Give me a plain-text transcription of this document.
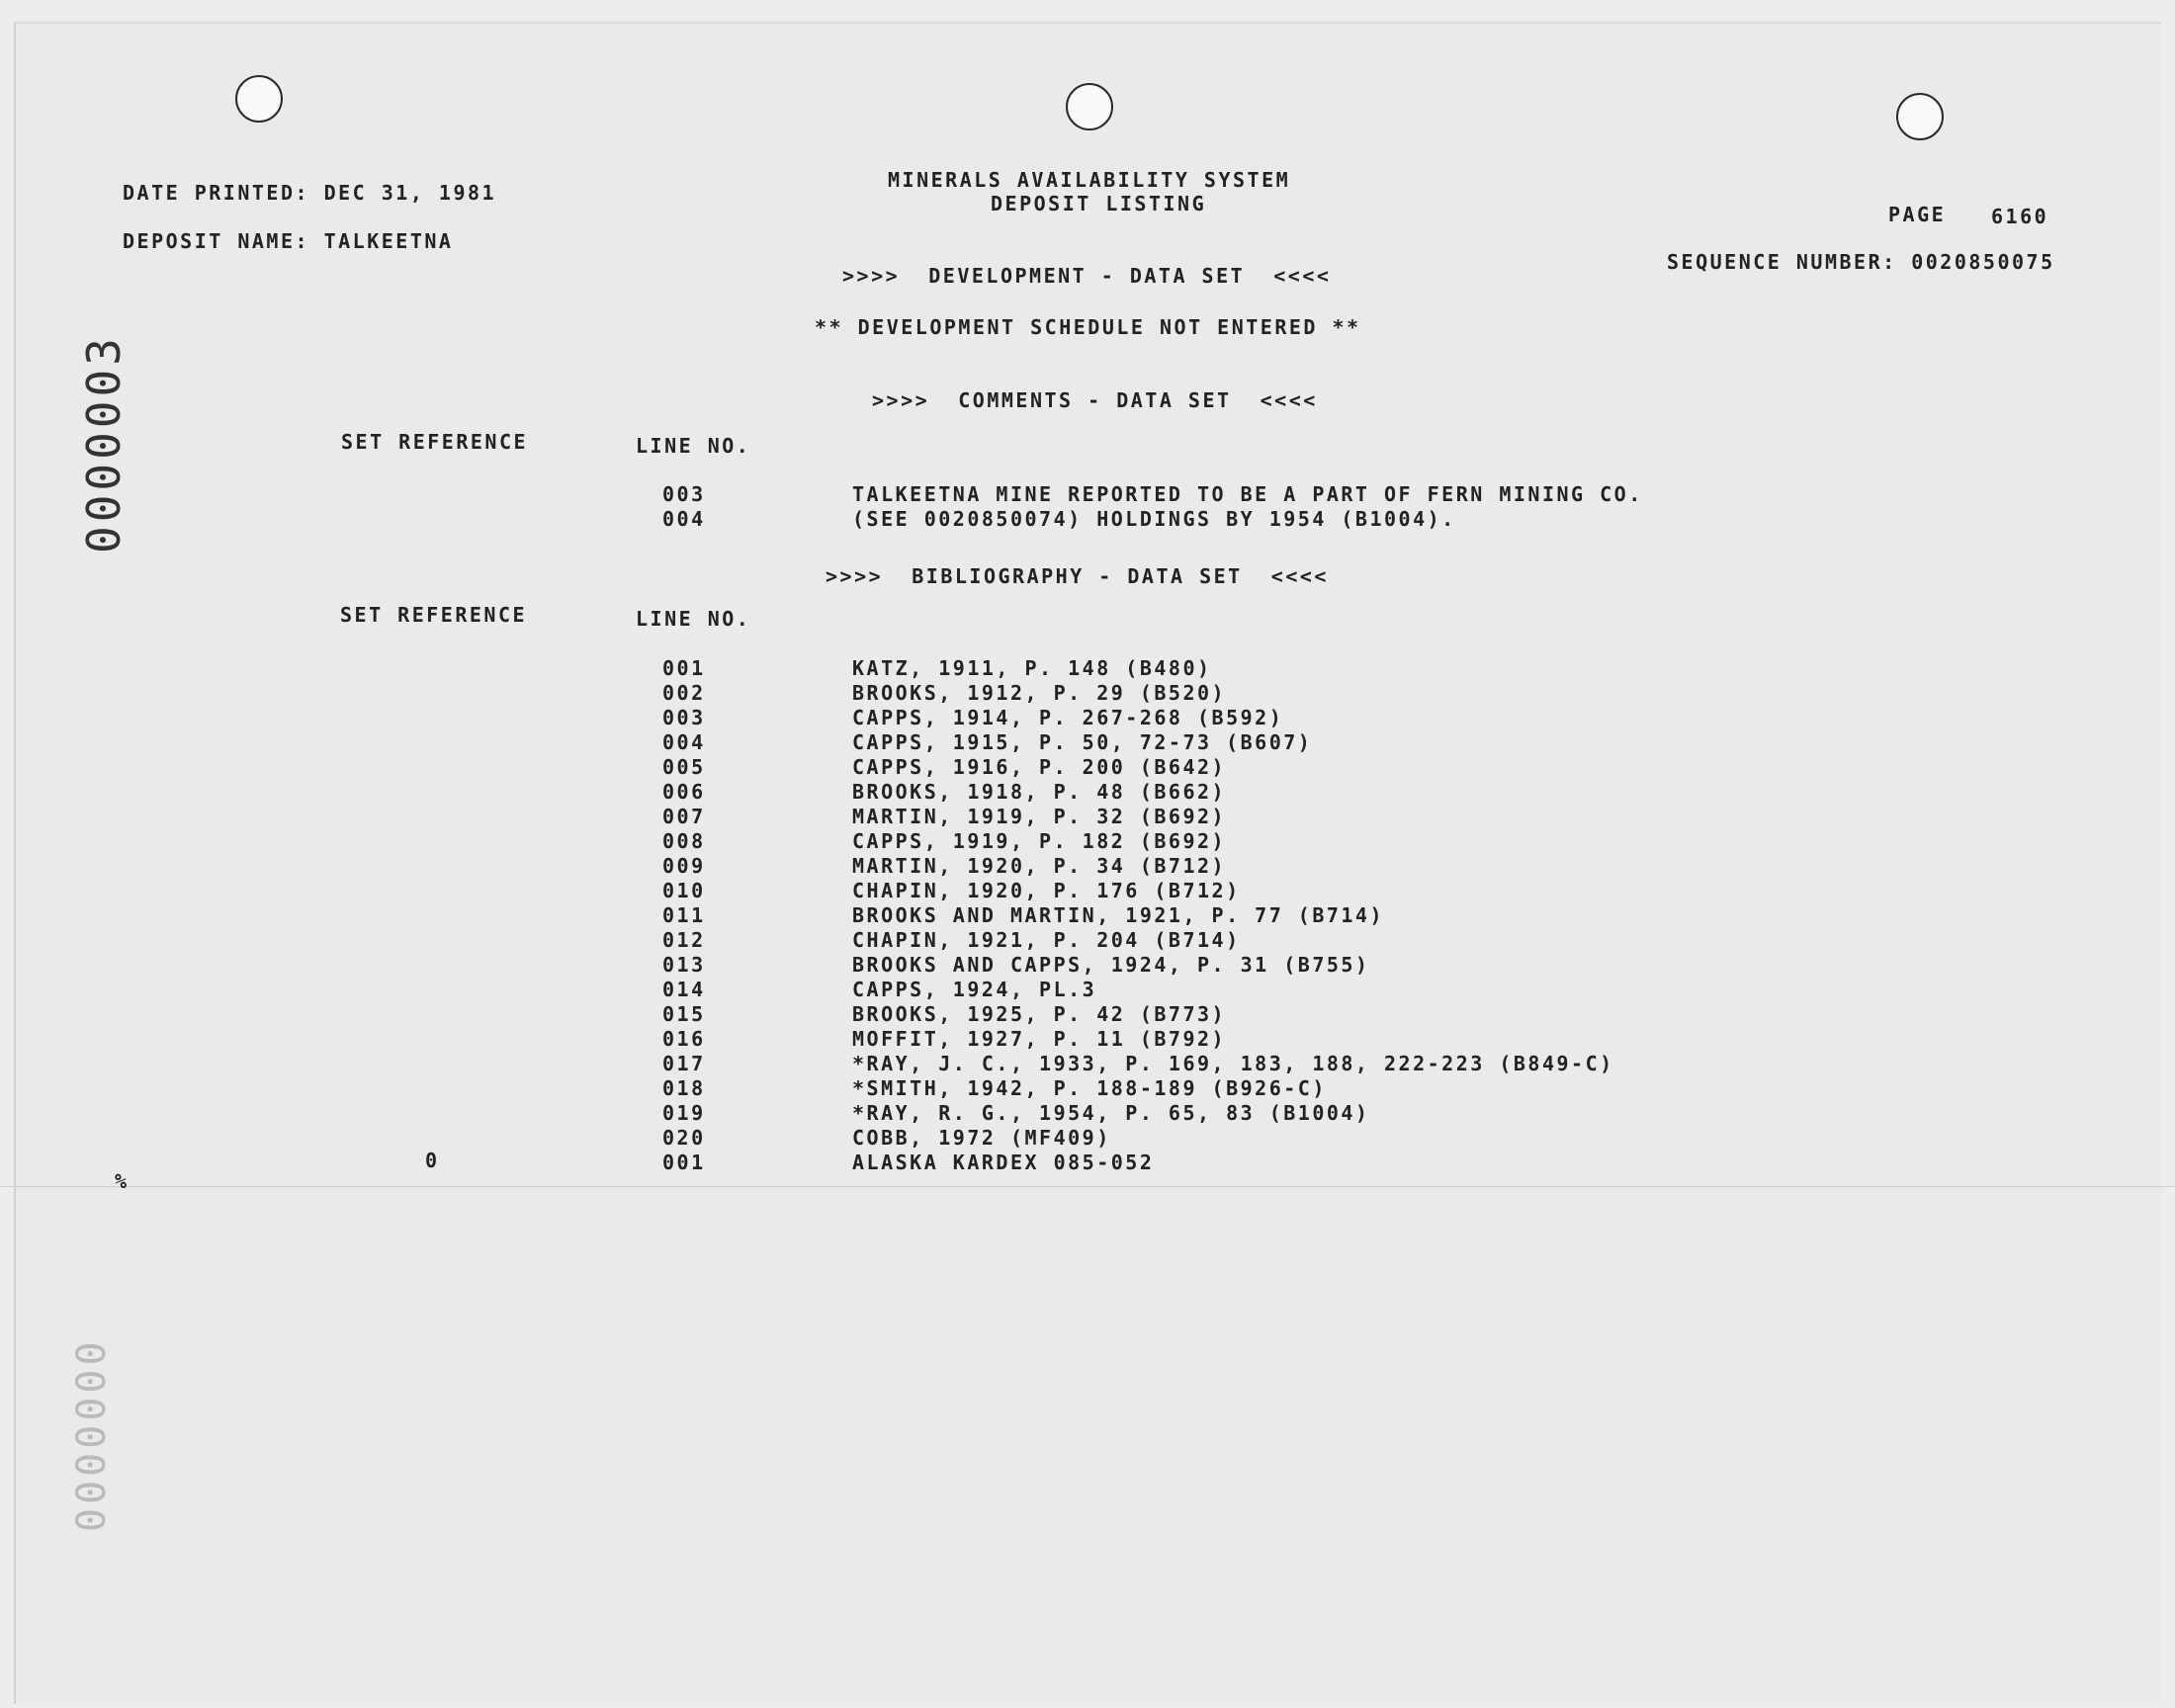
0000003
0000000
DATE PRINTED: DEC 31, 1981
DEPOSIT NAME: TALKEETNA
MINERALS AVAILABILITY SYSTEM
DEPOSIT LISTING	PAGE 6160
SEQUENCE NUMBER: 0020850075
>>>>  DEVELOPMENT - DATA SET  <<<<
** DEVELOPMENT SCHEDULE NOT ENTERED **
>>>>  COMMENTS - DATA SET  <<<<
SET REFERENCE	LINE NO.
003	TALKEETNA MINE REPORTED TO BE A PART OF FERN MINING CO.
004	(SEE 0020850074) HOLDINGS BY 1954 (B1004).
>>>>  BIBLIOGRAPHY - DATA SET  <<<<
SET REFERENCE	LINE NO.
001	KATZ, 1911, P. 148 (B480)
002	BROOKS, 1912, P. 29 (B520)
003	CAPPS, 1914, P. 267-268 (B592)
004	CAPPS, 1915, P. 50, 72-73 (B607)
005	CAPPS, 1916, P. 200 (B642)
006	BROOKS, 1918, P. 48 (B662)
007	MARTIN, 1919, P. 32 (B692)
008	CAPPS, 1919, P. 182 (B692)
009	MARTIN, 1920, P. 34 (B712)
010	CHAPIN, 1920, P. 176 (B712)
011	BROOKS AND MARTIN, 1921, P. 77 (B714)
012	CHAPIN, 1921, P. 204 (B714)
013	BROOKS AND CAPPS, 1924, P. 31 (B755)
014	CAPPS, 1924, PL.3
015	BROOKS, 1925, P. 42 (B773)
016	MOFFIT, 1927, P. 11 (B792)
017	*RAY, J. C., 1933, P. 169, 183, 188, 222-223 (B849-C)
018	*SMITH, 1942, P. 188-189 (B926-C)
019	*RAY, R. G., 1954, P. 65, 83 (B1004)
020	COBB, 1972 (MF409)
001	ALASKA KARDEX 085-052
0
%
